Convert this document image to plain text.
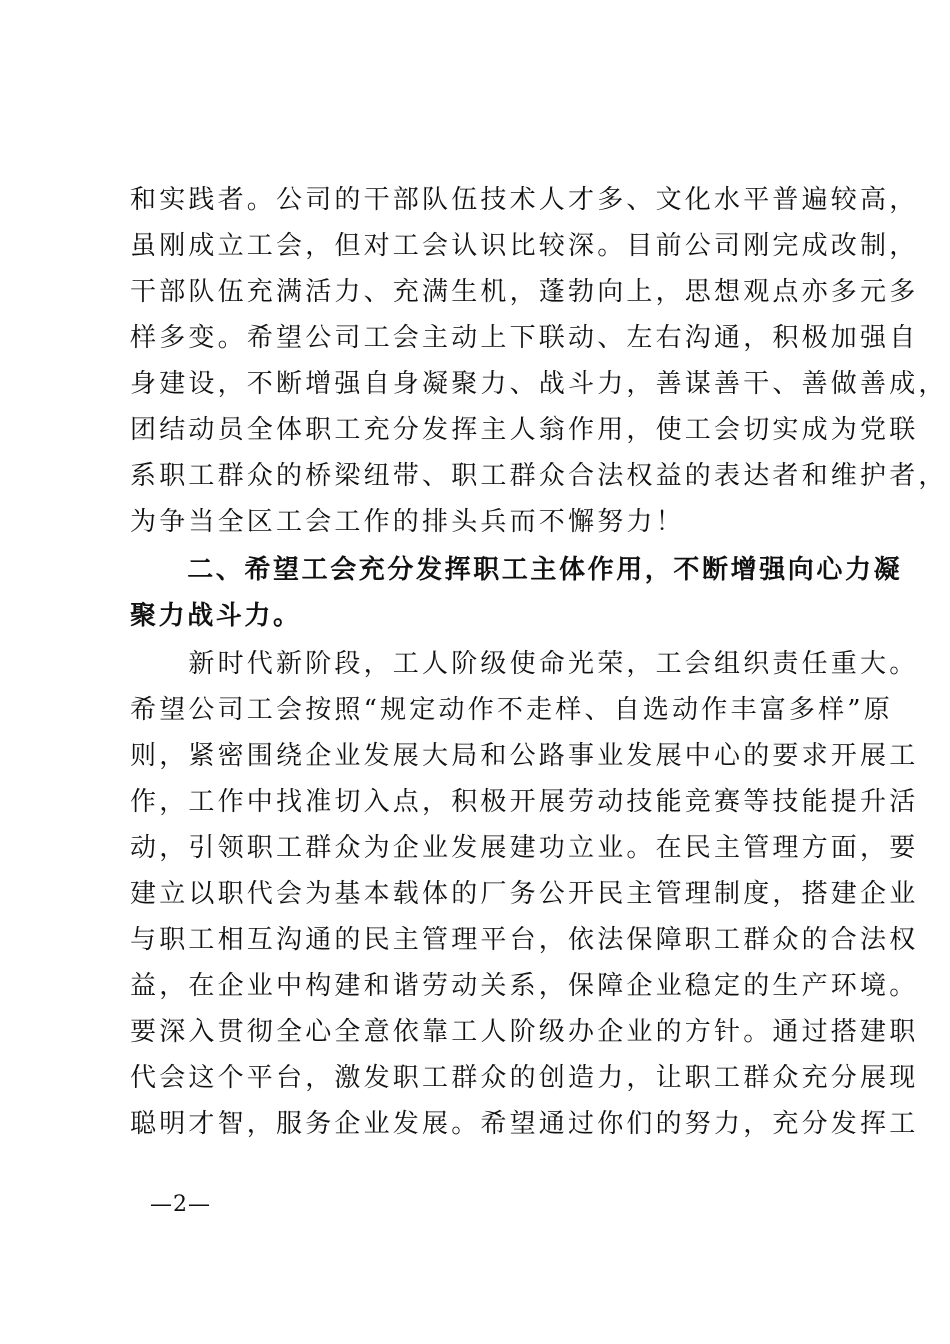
和实践者。公司的干部队伍技术人才多、文化水平普遍较高，
虽刚成立工会，但对工会认识比较深。目前公司刚完成改制，
干部队伍充满活力、充满生机，蓬勃向上，思想观点亦多元多
样多变。希望公司工会主动上下联动、左右沟通，积极加强自
身建设，不断增强自身凝聚力、战斗力，善谋善干、善做善成，
团结动员全体职工充分发挥主人翁作用，使工会切实成为党联
系职工群众的桥梁纽带、职工群众合法权益的表达者和维护者，
为争当全区工会工作的排头兵而不懈努力！
　　二、希望工会充分发挥职工主体作用，不断增强向心力凝
聚力战斗力。
　　新时代新阶段，工人阶级使命光荣，工会组织责任重大。
希望公司工会按照“规定动作不走样、自选动作丰富多样”原
则，紧密围绕企业发展大局和公路事业发展中心的要求开展工
作，工作中找准切入点，积极开展劳动技能竞赛等技能提升活
动，引领职工群众为企业发展建功立业。在民主管理方面，要
建立以职代会为基本载体的厂务公开民主管理制度，搭建企业
与职工相互沟通的民主管理平台，依法保障职工群众的合法权
益，在企业中构建和谐劳动关系，保障企业稳定的生产环境。
要深入贯彻全心全意依靠工人阶级办企业的方针。通过搭建职
代会这个平台，激发职工群众的创造力，让职工群众充分展现
聪明才智，服务企业发展。希望通过你们的努力，充分发挥工
—2—
